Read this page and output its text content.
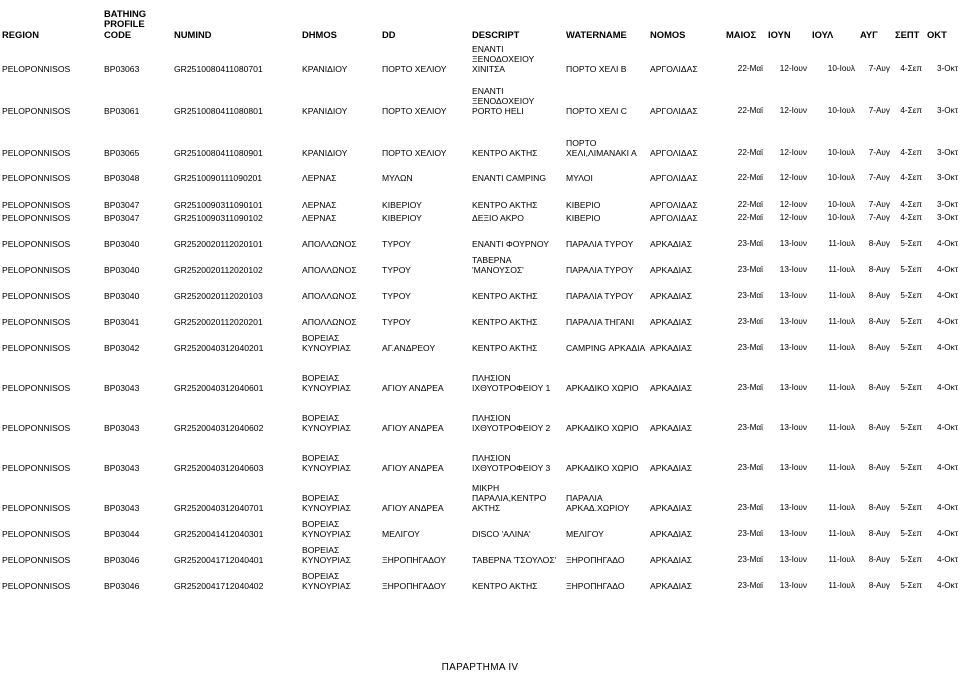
REGION	BATHING PROFILE CODE	NUMIND	DHMOS	DD	DESCRIPT	WATERNAME	NOMOS	ΜΑΙΟΣ	ΙΟΥΝ	ΙΟΥΛ	ΑΥΓ	ΣΕΠΤ	ΟΚΤ
PELOPONNISOS	BP03063	GR2510080411080701	ΚΡΑΝΙΔΙΟΥ	ΠΟΡΤΟ ΧΕΛΙΟΥ	ΕΝΑΝΤΙ ΞΕΝΟΔΟΧΕΙΟΥ ΧΙΝΙΤΣΑ	ΠΟΡΤΟ ΧΕΛΙ Β	ΑΡΓΟΛΙΔΑΣ	22-Μαϊ	12-Ιουν	10-Ιουλ	7-Αυγ	4-Σεπ	3-Οκτ
PELOPONNISOS	BP03061	GR2510080411080801	ΚΡΑΝΙΔΙΟΥ	ΠΟΡΤΟ ΧΕΛΙΟΥ	ΕΝΑΝΤΙ ΞΕΝΟΔΟΧΕΙΟΥ PORTO HELI	ΠΟΡΤΟ ΧΕΛΙ C	ΑΡΓΟΛΙΔΑΣ	22-Μαϊ	12-Ιουν	10-Ιουλ	7-Αυγ	4-Σεπ	3-Οκτ
PELOPONNISOS	BP03065	GR2510080411080901	ΚΡΑΝΙΔΙΟΥ	ΠΟΡΤΟ ΧΕΛΙΟΥ	ΚΕΝΤΡΟ ΑΚΤΗΣ	ΠΟΡΤΟ ΧΕΛΙ,ΛΙΜΑΝΑΚΙ Α	ΑΡΓΟΛΙΔΑΣ	22-Μαϊ	12-Ιουν	10-Ιουλ	7-Αυγ	4-Σεπ	3-Οκτ
PELOPONNISOS	BP03048	GR2510090111090201	ΛΕΡΝΑΣ	ΜΥΛΩΝ	ΕΝΑΝΤΙ CAMPING	ΜΥΛΟΙ	ΑΡΓΟΛΙΔΑΣ	22-Μαϊ	12-Ιουν	10-Ιουλ	7-Αυγ	4-Σεπ	3-Οκτ
PELOPONNISOS	BP03047	GR2510090311090101	ΛΕΡΝΑΣ	ΚΙΒΕΡΙΟΥ	ΚΕΝΤΡΟ ΑΚΤΗΣ	ΚΙΒΕΡΙΟ	ΑΡΓΟΛΙΔΑΣ	22-Μαϊ	12-Ιουν	10-Ιουλ	7-Αυγ	4-Σεπ	3-Οκτ
PELOPONNISOS	BP03047	GR2510090311090102	ΛΕΡΝΑΣ	ΚΙΒΕΡΙΟΥ	ΔΕΞΙΟ ΑΚΡΟ	ΚΙΒΕΡΙΟ	ΑΡΓΟΛΙΔΑΣ	22-Μαϊ	12-Ιουν	10-Ιουλ	7-Αυγ	4-Σεπ	3-Οκτ
PELOPONNISOS	BP03040	GR2520020112020101	ΑΠΟΛΛΩΝΟΣ	ΤΥΡΟΥ	ΕΝΑΝΤΙ ΦΟΥΡΝΟΥ	ΠΑΡΑΛΙΑ ΤΥΡΟΥ	ΑΡΚΑΔΙΑΣ	23-Μαϊ	13-Ιουν	11-Ιουλ	8-Αυγ	5-Σεπ	4-Οκτ
PELOPONNISOS	BP03040	GR2520020112020102	ΑΠΟΛΛΩΝΟΣ	ΤΥΡΟΥ	ΤΑΒΕΡΝΑ 'ΜΑΝΟΥΣΟΣ'	ΠΑΡΑΛΙΑ ΤΥΡΟΥ	ΑΡΚΑΔΙΑΣ	23-Μαϊ	13-Ιουν	11-Ιουλ	8-Αυγ	5-Σεπ	4-Οκτ
PELOPONNISOS	BP03040	GR2520020112020103	ΑΠΟΛΛΩΝΟΣ	ΤΥΡΟΥ	ΚΕΝΤΡΟ ΑΚΤΗΣ	ΠΑΡΑΛΙΑ ΤΥΡΟΥ	ΑΡΚΑΔΙΑΣ	23-Μαϊ	13-Ιουν	11-Ιουλ	8-Αυγ	5-Σεπ	4-Οκτ
PELOPONNISOS	BP03041	GR2520020112020201	ΑΠΟΛΛΩΝΟΣ	ΤΥΡΟΥ	ΚΕΝΤΡΟ ΑΚΤΗΣ	ΠΑΡΑΛΙΑ ΤΗΓΑΝΙ	ΑΡΚΑΔΙΑΣ	23-Μαϊ	13-Ιουν	11-Ιουλ	8-Αυγ	5-Σεπ	4-Οκτ
PELOPONNISOS	BP03042	GR2520040312040201	ΒΟΡΕΙΑΣ ΚΥΝΟΥΡΙΑΣ	ΑΓ.ΑΝΔΡΕΟΥ	ΚΕΝΤΡΟ ΑΚΤΗΣ	CAMPING ΑΡΚΑΔΙΑ	ΑΡΚΑΔΙΑΣ	23-Μαϊ	13-Ιουν	11-Ιουλ	8-Αυγ	5-Σεπ	4-Οκτ
PELOPONNISOS	BP03043	GR2520040312040601	ΒΟΡΕΙΑΣ ΚΥΝΟΥΡΙΑΣ	ΑΓΙΟΥ ΑΝΔΡΕΑ	ΠΛΗΣΙΟΝ ΙΧΘΥΟΤΡΟΦΕΙΟΥ 1	ΑΡΚΑΔΙΚΟ ΧΩΡΙΟ	ΑΡΚΑΔΙΑΣ	23-Μαϊ	13-Ιουν	11-Ιουλ	8-Αυγ	5-Σεπ	4-Οκτ
PELOPONNISOS	BP03043	GR2520040312040602	ΒΟΡΕΙΑΣ ΚΥΝΟΥΡΙΑΣ	ΑΓΙΟΥ ΑΝΔΡΕΑ	ΠΛΗΣΙΟΝ ΙΧΘΥΟΤΡΟΦΕΙΟΥ 2	ΑΡΚΑΔΙΚΟ ΧΩΡΙΟ	ΑΡΚΑΔΙΑΣ	23-Μαϊ	13-Ιουν	11-Ιουλ	8-Αυγ	5-Σεπ	4-Οκτ
PELOPONNISOS	BP03043	GR2520040312040603	ΒΟΡΕΙΑΣ ΚΥΝΟΥΡΙΑΣ	ΑΓΙΟΥ ΑΝΔΡΕΑ	ΠΛΗΣΙΟΝ ΙΧΘΥΟΤΡΟΦΕΙΟΥ 3	ΑΡΚΑΔΙΚΟ ΧΩΡΙΟ	ΑΡΚΑΔΙΑΣ	23-Μαϊ	13-Ιουν	11-Ιουλ	8-Αυγ	5-Σεπ	4-Οκτ
PELOPONNISOS	BP03043	GR2520040312040701	ΒΟΡΕΙΑΣ ΚΥΝΟΥΡΙΑΣ	ΑΓΙΟΥ ΑΝΔΡΕΑ	ΜΙΚΡΗ ΠΑΡΑΛΙΑ,ΚΕΝΤΡΟ ΑΚΤΗΣ	ΠΑΡΑΛΙΑ ΑΡΚΑΔ.ΧΩΡΙΟΥ	ΑΡΚΑΔΙΑΣ	23-Μαϊ	13-Ιουν	11-Ιουλ	8-Αυγ	5-Σεπ	4-Οκτ
PELOPONNISOS	BP03044	GR2520041412040301	ΒΟΡΕΙΑΣ ΚΥΝΟΥΡΙΑΣ	ΜΕΛΙΓΟΥ	DISCO 'ΑΛΙΝΑ'	ΜΕΛΙΓΟΥ	ΑΡΚΑΔΙΑΣ	23-Μαϊ	13-Ιουν	11-Ιουλ	8-Αυγ	5-Σεπ	4-Οκτ
PELOPONNISOS	BP03046	GR2520041712040401	ΒΟΡΕΙΑΣ ΚΥΝΟΥΡΙΑΣ	ΞΗΡΟΠΗΓΑΔΟΥ	ΤΑΒΕΡΝΑ 'ΤΣΟΥΛΟΣ'	ΞΗΡΟΠΗΓΑΔΟ	ΑΡΚΑΔΙΑΣ	23-Μαϊ	13-Ιουν	11-Ιουλ	8-Αυγ	5-Σεπ	4-Οκτ
PELOPONNISOS	BP03046	GR2520041712040402	ΒΟΡΕΙΑΣ ΚΥΝΟΥΡΙΑΣ	ΞΗΡΟΠΗΓΑΔΟΥ	ΚΕΝΤΡΟ ΑΚΤΗΣ	ΞΗΡΟΠΗΓΑΔΟ	ΑΡΚΑΔΙΑΣ	23-Μαϊ	13-Ιουν	11-Ιουλ	8-Αυγ	5-Σεπ	4-Οκτ
ΠΑΡΑΡΤΗΜΑ IV
